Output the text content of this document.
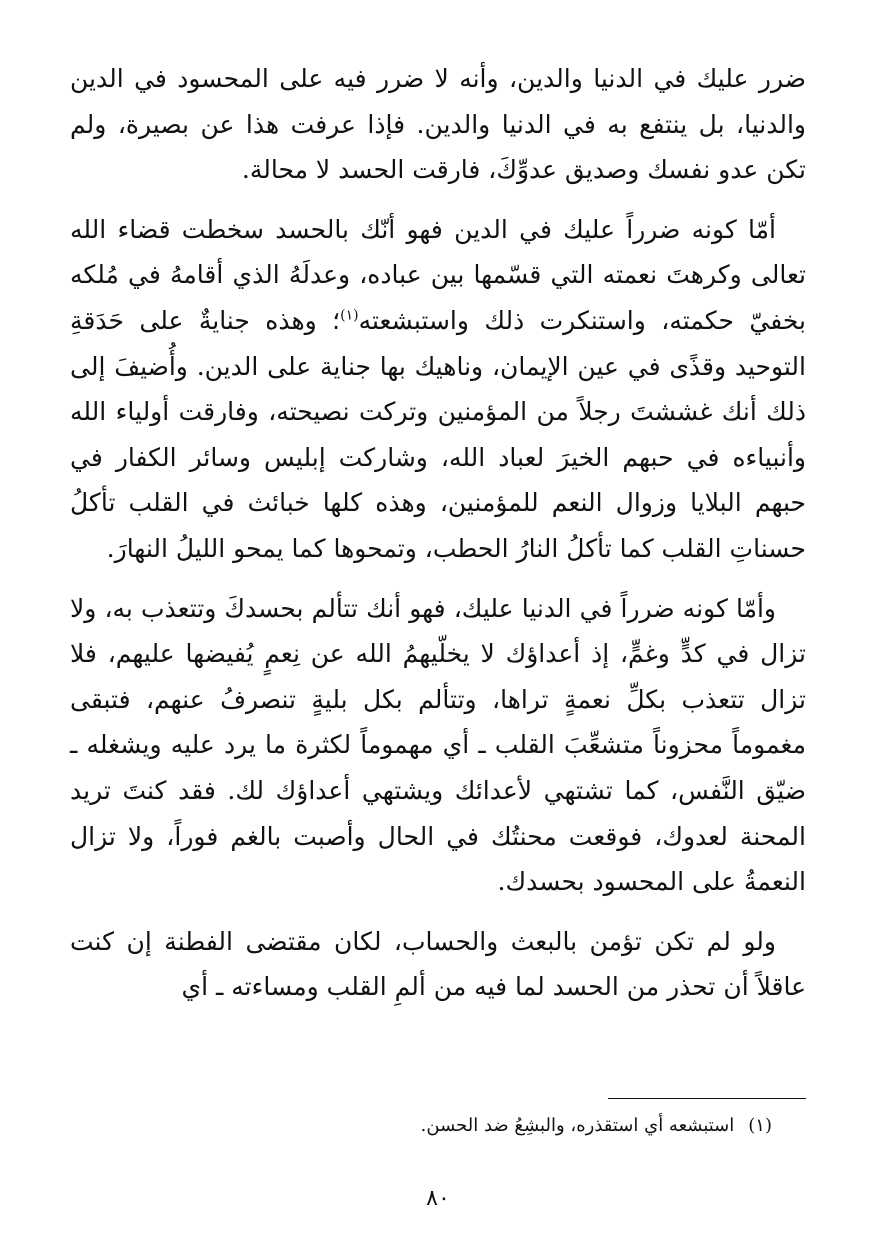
ضرر عليك في الدنيا والدين، وأنه لا ضرر فيه على المحسود في الدين والدنيا، بل ينتفع به في الدنيا والدين. فإذا عرفت هذا عن بصيرة، ولم تكن عدو نفسك وصديق عدوِّكَ، فارقت الحسد لا محالة.

أمّا كونه ضرراً عليك في الدين فهو أنّك بالحسد سخطت قضاء الله تعالى وكرهتَ نعمته التي قسّمها بين عباده، وعدلَهُ الذي أقامهُ في مُلكه بخفيّ حكمته، واستنكرت ذلك واستبشعته$^{(١)}$؛ وهذه جنايةٌ على حَدَقةِ التوحيد وقذًى في عين الإيمان، وناهيك بها جناية على الدين. وأُضيفَ إلى ذلك أنك غششتَ رجلاً من المؤمنين وتركت نصيحته، وفارقت أولياء الله وأنبياءه في حبهم الخيرَ لعباد الله، وشاركت إبليس وسائر الكفار في حبهم البلايا وزوال النعم للمؤمنين، وهذه كلها خبائث في القلب تأكلُ حسناتِ القلب كما تأكلُ النارُ الحطب، وتمحوها كما يمحو الليلُ النهارَ.

وأمّا كونه ضرراً في الدنيا عليك، فهو أنك تتألم بحسدكَ وتتعذب به، ولا تزال في كدٍّ وغمٍّ، إذ أعداؤك لا يخلّيهمُ الله عن نِعمٍ يُفيضها عليهم، فلا تزال تتعذب بكلِّ نعمةٍ تراها، وتتألم بكل بليةٍ تنصرفُ عنهم، فتبقى مغموماً محزوناً متشعِّبَ القلب ـ أي مهموماً لكثرة ما يرد عليه ويشغله ـ ضيّق النَّفس، كما تشتهي لأعدائك ويشتهي أعداؤك لك. فقد كنتَ تريد المحنة لعدوك، فوقعت محنتُك في الحال وأصبت بالغم فوراً، ولا تزال النعمةُ على المحسود بحسدك.

ولو لم تكن تؤمن بالبعث والحساب، لكان مقتضى الفطنة إن كنت عاقلاً أن تحذر من الحسد لما فيه من ألمِ القلب ومساءته ـ أي

(١)استبشعه أي استقذره، والبشِعُ ضد الحسن.
٨٠
